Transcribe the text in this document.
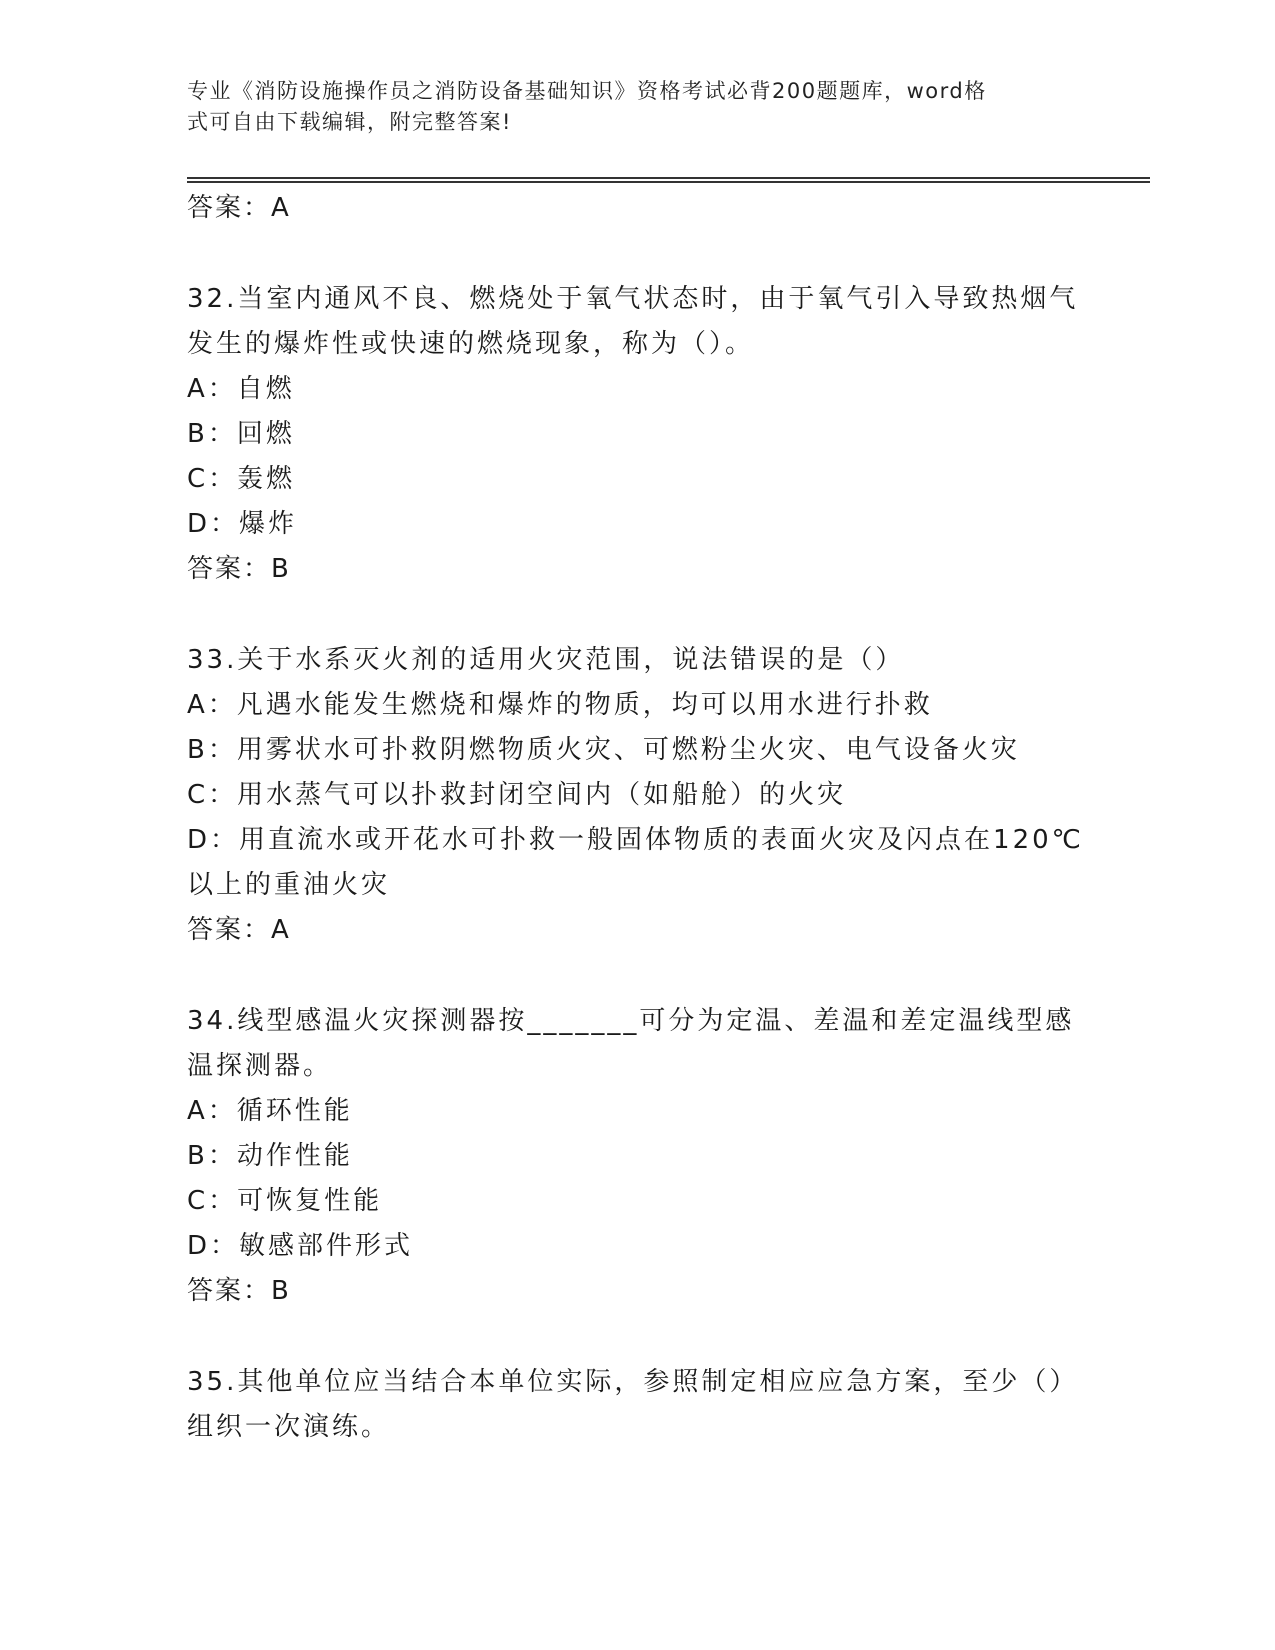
专业《消防设施操作员之消防设备基础知识》资格考试必背200题题库，word格
式可自由下载编辑，附完整答案!

答案：A

32.当室内通风不良、燃烧处于氧气状态时，由于氧气引入导致热烟气

发生的爆炸性或快速的燃烧现象，称为（）。

A：自燃

B：回燃

C：轰燃

D：爆炸

答案：B

33.关于水系灭火剂的适用火灾范围，说法错误的是（）

A：凡遇水能发生燃烧和爆炸的物质，均可以用水进行扑救

B：用雾状水可扑救阴燃物质火灾、可燃粉尘火灾、电气设备火灾

C：用水蒸气可以扑救封闭空间内（如船舱）的火灾

D：用直流水或开花水可扑救一般固体物质的表面火灾及闪点在120℃

以上的重油火灾

答案：A

34.线型感温火灾探测器按_______可分为定温、差温和差定温线型感

温探测器。

A：循环性能

B：动作性能

C：可恢复性能

D：敏感部件形式

答案：B

35.其他单位应当结合本单位实际，参照制定相应应急方案，至少（）

组织一次演练。
